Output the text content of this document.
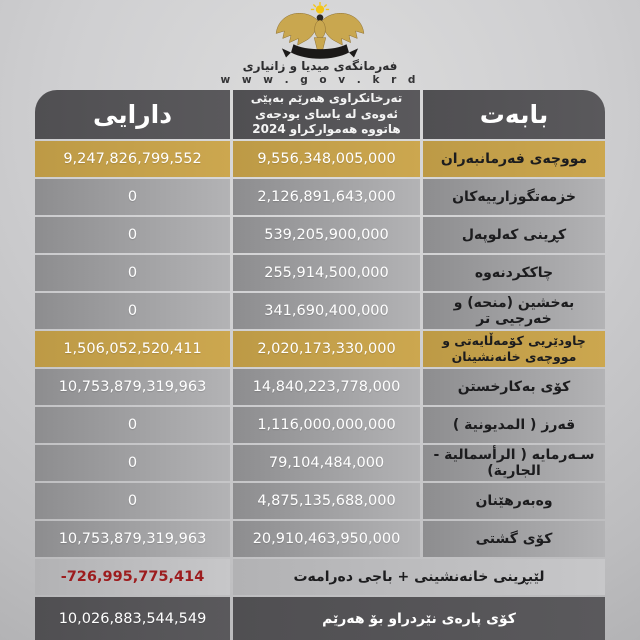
فەرمانگەی میدیا و زانیاری
w w w . g o v . k r d
بابەت
تەرخانکراوی هەرێم بەپێی
ئەوەی لە یاسای بودجەی
2024 هەموارکراو هاتووە
دارایی
مووچەی فەرمانبەران
9,556,348,005,000
9,247,826,799,552
خزمەتگوزارییەکان
2,126,891,643,000
0
کڕینی کەلوپەل
539,205,900,000
0
چاککردنەوە
255,914,500,000
0
بەخشین (منحە) و خەرجیی تر
341,690,400,000
0
چاودێریی کۆمەڵایەتی و مووچەی خانەنشینان
2,020,173,330,000
1,506,052,520,411
کۆی بەکارخستن
14,840,223,778,000
10,753,879,319,963
قەرز ( المديونية )
1,116,000,000,000
0
سـەرمایە ( الرأسمالية - الجارية)
79,104,484,000
0
وەبەرهێنان
4,875,135,688,000
0
کۆی گشتی
20,910,463,950,000
10,753,879,319,963
لێبڕینی خانەنشینی + باجی دەرامەت
-726,995,775,414
کۆی پارەی نێردراو بۆ هەرێم
10,026,883,544,549
